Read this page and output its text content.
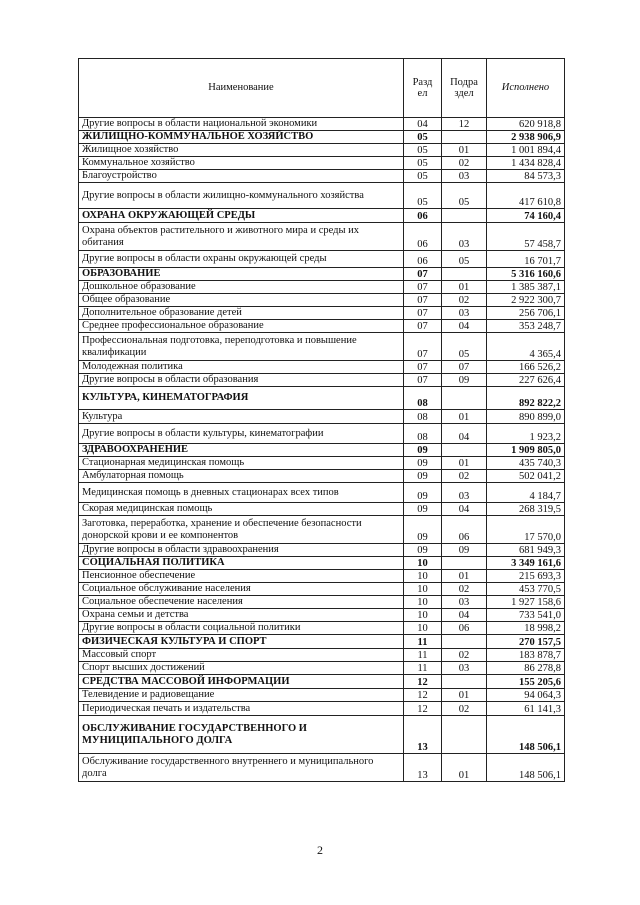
Наименование	Разд ел	Подра здел	Исполнено
Другие вопросы в области национальной экономики	04	12	620 918,8
ЖИЛИЩНО-КОММУНАЛЬНОЕ ХОЗЯЙСТВО	05		2 938 906,9
Жилищное хозяйство	05	01	1 001 894,4
Коммунальное хозяйство	05	02	1 434 828,4
Благоустройство	05	03	84 573,3
Другие вопросы в области жилищно-коммунального хозяйства	05	05	417 610,8
ОХРАНА ОКРУЖАЮЩЕЙ СРЕДЫ	06		74 160,4
Охрана объектов растительного и животного мира и среды их обитания	06	03	57 458,7
Другие вопросы в области охраны окружающей среды	06	05	16 701,7
ОБРАЗОВАНИЕ	07		5 316 160,6
Дошкольное образование	07	01	1 385 387,1
Общее образование	07	02	2 922 300,7
Дополнительное образование детей	07	03	256 706,1
Среднее профессиональное образование	07	04	353 248,7
Профессиональная подготовка, переподготовка и повышение квалификации	07	05	4 365,4
Молодежная политика	07	07	166 526,2
Другие вопросы в области образования	07	09	227 626,4
КУЛЬТУРА, КИНЕМАТОГРАФИЯ	08		892 822,2
Культура	08	01	890 899,0
Другие вопросы в области культуры, кинематографии	08	04	1 923,2
ЗДРАВООХРАНЕНИЕ	09		1 909 805,0
Стационарная медицинская помощь	09	01	435 740,3
Амбулаторная помощь	09	02	502 041,2
Медицинская помощь в дневных стационарах всех типов	09	03	4 184,7
Скорая медицинская помощь	09	04	268 319,5
Заготовка, переработка, хранение и обеспечение безопасности донорской крови и ее компонентов	09	06	17 570,0
Другие вопросы в области здравоохранения	09	09	681 949,3
СОЦИАЛЬНАЯ ПОЛИТИКА	10		3 349 161,6
Пенсионное обеспечение	10	01	215 693,3
Социальное обслуживание населения	10	02	453 770,5
Социальное обеспечение населения	10	03	1 927 158,6
Охрана семьи и детства	10	04	733 541,0
Другие вопросы в области социальной политики	10	06	18 998,2
ФИЗИЧЕСКАЯ КУЛЬТУРА И СПОРТ	11		270 157,5
Массовый спорт	11	02	183 878,7
Спорт высших достижений	11	03	86 278,8
СРЕДСТВА МАССОВОЙ ИНФОРМАЦИИ	12		155 205,6
Телевидение и радиовещание	12	01	94 064,3
Периодическая печать и издательства	12	02	61 141,3
ОБСЛУЖИВАНИЕ ГОСУДАРСТВЕННОГО И МУНИЦИПАЛЬНОГО ДОЛГА	13		148 506,1
Обслуживание государственного внутреннего и муниципального долга	13	01	148 506,1
2
